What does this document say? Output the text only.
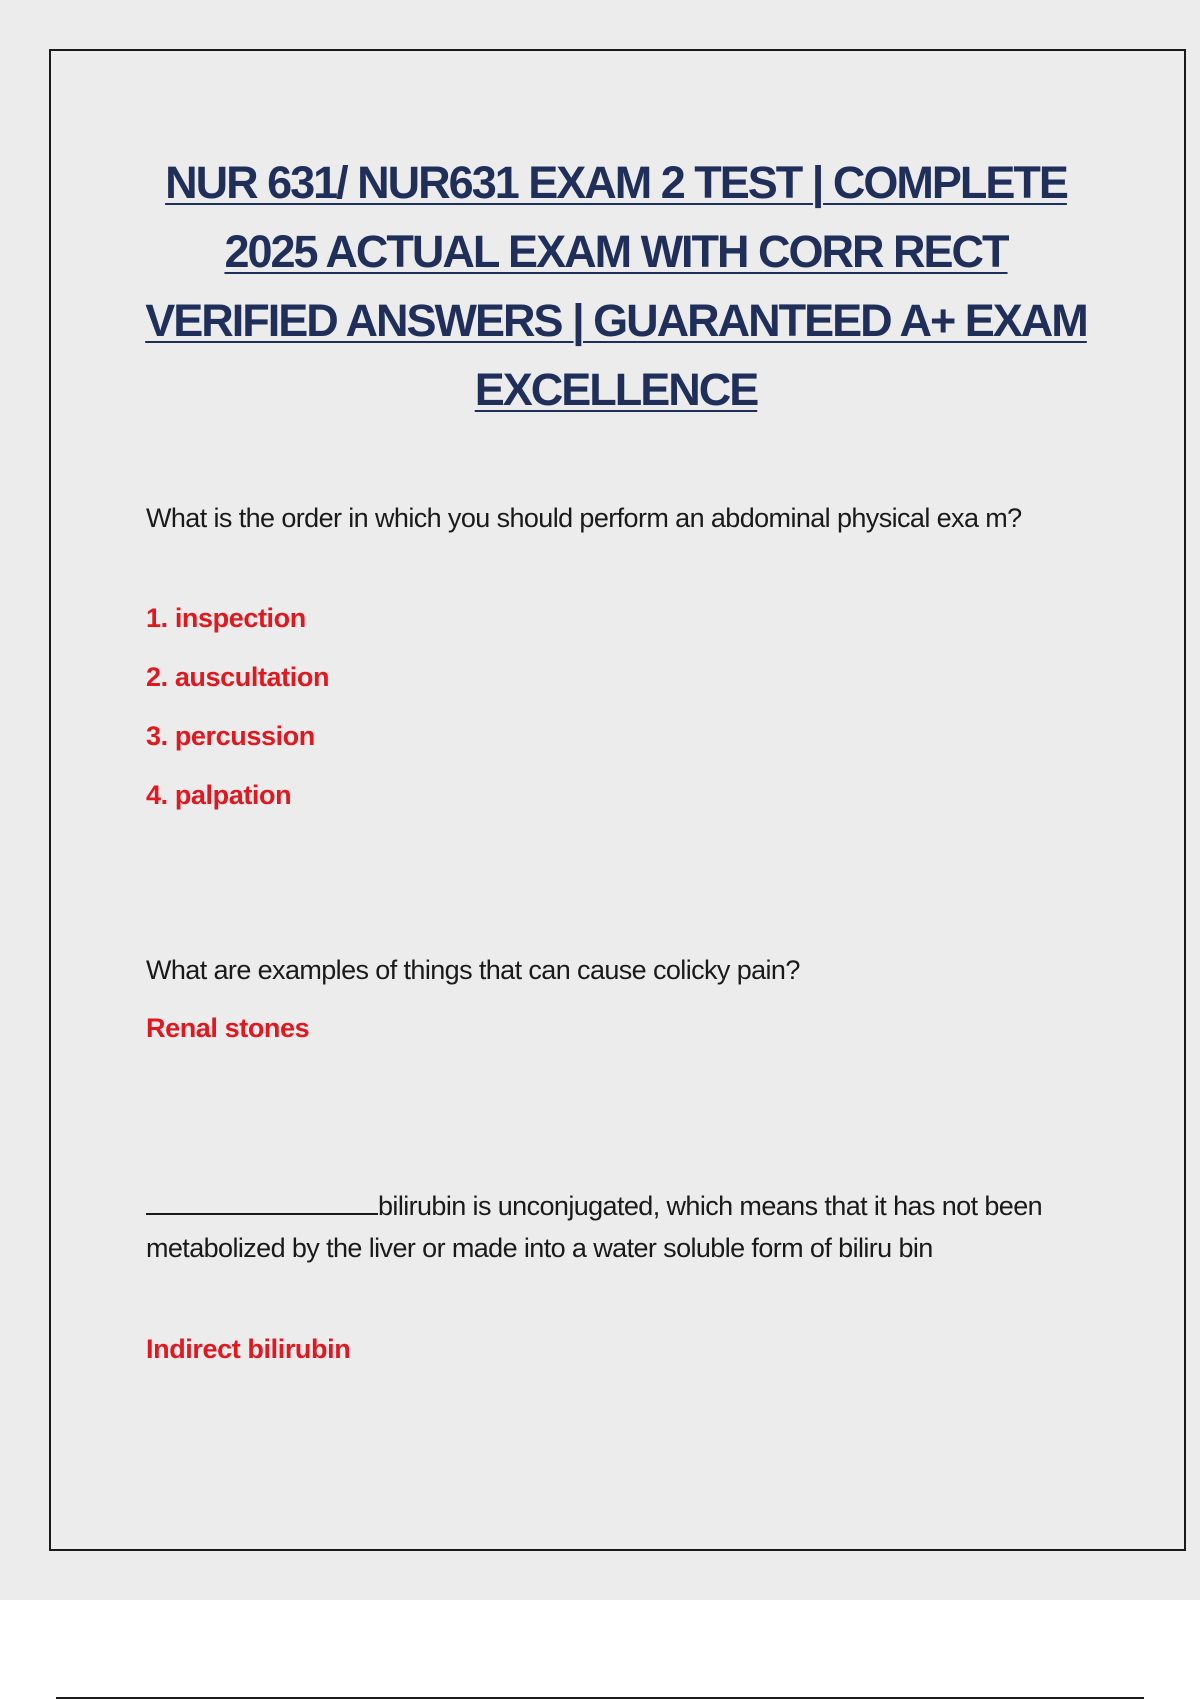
NUR 631/ NUR631 EXAM 2 TEST | COMPLETE 2025 ACTUAL EXAM WITH CORR RECT VERIFIED ANSWERS | GUARANTEED A+ EXAM EXCELLENCE

What is the order in which you should perform an abdominal physical exa m?

1. inspection

2. auscultation

3. percussion

4. palpation

What are examples of things that can cause colicky pain?

Renal stones

bilirubin is unconjugated, which means that it has not been metabolized by the liver or made into a water soluble form of biliru bin

Indirect bilirubin
